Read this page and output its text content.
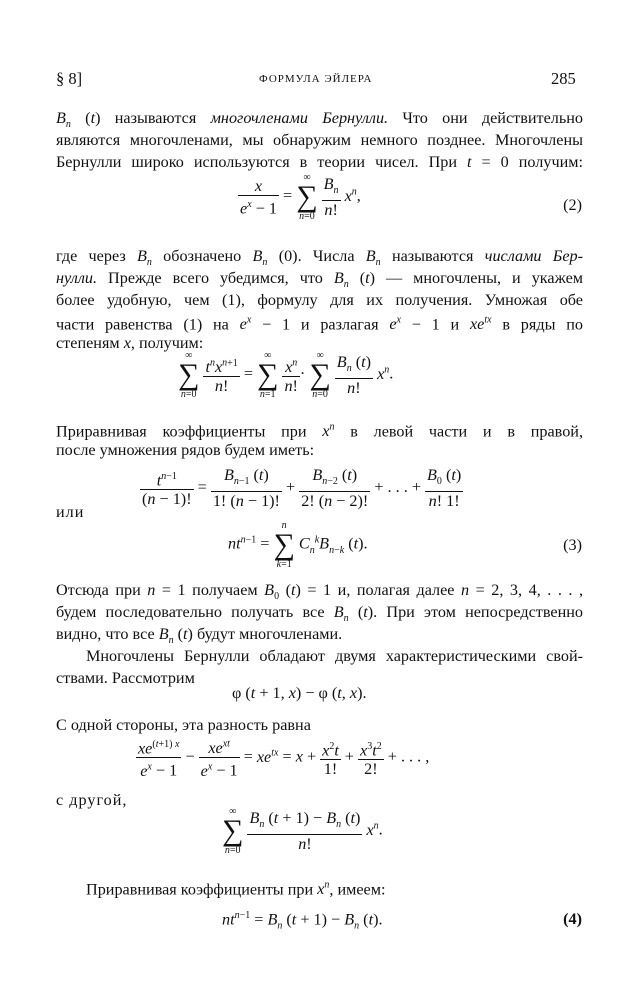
§ 8]	ФОРМУЛА ЭЙЛЕРА	285
$B_n$ (t) называются многочленами Бернулли. Что они действительно
являются многочленами, мы обнаружим немного позднее. Многочлены
Бернулли широко используются в теории чисел. При t = 0 получим:
$\frac{x}{e^x - 1}$ =
∞
∑
n=0
$\frac{B_n}{n!} x^n$,
(2)
где через $B_n$ обозначено $B_n$ (0). Числа $B_n$ называются числами Бер-
нулли. Прежде всего убедимся, что $B_n$ (t) — многочлены, и укажем
более удобную, чем (1), формулу для их получения. Умножая обе
части равенства (1) на $e^x - 1$ и разлагая $e^x - 1$ и $xe^{tx}$ в ряды по
степеням x, получим:
∞
∑
n=0

$t^nx^{n+1}$
n!
=
∞
∑
n=1
$\frac{x^n}{n!}$ ·
∞
∑
n=0
$\frac{B_n (t)}{n!} x^n$.
Приравнивая коэффициенты при $x^n$ в левой части и в правой,
после умножения рядов будем иметь:
$\frac{t^{n-1}}{(n - 1)!} = \frac{B_{n-1} (t)}{1! (n - 1)!} + \frac{B_{n-2} (t)}{2! (n - 2)!}$ + . . . + $\frac{B_0 (t)}{n! 1!}$
или
$nt^{n-1}$ =
n
∑
k=1
$C_n^kB_{n-k}$ (t).	(3)
Отсюда при n = 1 получаем $B_0$ (t) = 1 и, полагая далее n = 2, 3, 4, . . . ,
будем последовательно получать все $B_n$ (t). При этом непосредственно
видно, что все $B_n$ (t) будут многочленами.
Многочлены Бернулли обладают двумя характеристическими свой-
ствами. Рассмотрим
φ (t + 1, x) − φ (t, x).
С одной стороны, эта разность равна
$\frac{xe^{(t+1) x}}{e^x - 1} - xe^{xt}$
$e^x - 1$
= $xe^{tx} = x + \frac{x^2t}{1!} + \frac{x^3t^2}{2!}$ + . . . ,
с другой,
∞
∑
n=0
$\frac{B_n (t + 1) - B_n (t)}{n!} x^n$.
Приравнивая коэффициенты при $x^n$, имеем:
$nt^{n-1} = B_n$ $(t + 1) - B_n$ (t).	(4)
